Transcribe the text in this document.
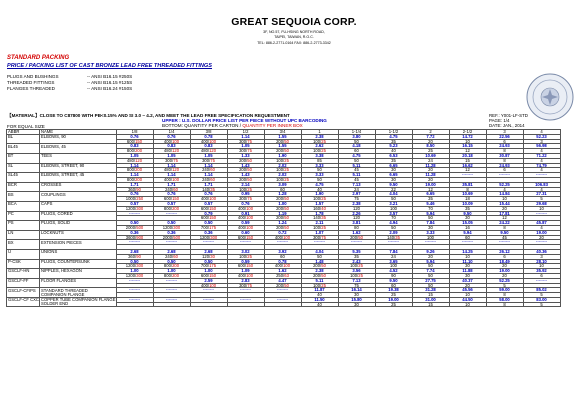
GREAT SEQUOIA CORP.
3F, NO.57, FU-HSING NORTH ROAD,
TAIPEI, TAIWAN, R.O.C.
TEL: 886-2-2771-0164 FAX: 886-2-2773-3342
STANDARD PACKING
PRICE / PACKING LIST OF CAST BRONZE LEAD FREE THREADED FITTINGS
PLUGS AND BUSHINGS	-- ANSI B16.15 #250S
THREADED FITTINGS	-- ANSI B16.15 #125S
FLANGES THREADED	-- ANSI B16.24 #150S
【MATERIAL】CLOSE TO C87800 WITH PB<0.15% AND SI 3.0 ~ 4.2, AND MEET THE LEAD FREE SPECIFICATION REQUESTMENT
UPPER : U.S. DOLLAR PRICE LIST PER PIECE WITHOUT UPC BARCODING
BOTTOM: QUANTITY PER CARTON / QUANTITY PER INNER BOX
FOR EQUAL SIZE
REF.: Y001-LF-STD
PAGE: 1/4
DATE: JAN., 2014
ABBR	NAME	1/8	1/4	3/8	1/2	3/4	1	1-1/4	1-1/2	2	2-1/2	3	4
BL	ELBOWS, 90	0.76	0.76	0.78	1.14	1.55	2.38	3.80	4.75	7.72	14.72	22.56	52.23
		600/150	400/100	400/100	300/75	200/50	100/25	50	35	20	10	6	3
BL45	ELBOWS, 45	0.83	0.83	0.83	1.05	1.55	2.62	4.18	5.23	8.50	16.15	24.93	56.98
		800/200	480/120	480/120	300/75	200/50	100/25	60	40	25	12	8	4
BT	TEES	1.05	1.05	1.05	1.33	1.90	3.38	4.75	6.53	10.69	20.18	30.87	71.22
		480/120	300/75	300/75	200/50	100/25	85	50	35	24	15	8	4
SL	ELBOWS, STREET, 90	1.14	1.14	1.14	1.43	2.02	3.33	5.11	6.65	11.28	16.62	24.93	74.79
		800/200	480/120	240/60	200/50	100/25	50	45	30	20	12	6	4
SL45	ELBOWS, STREET, 45	1.14	1.14	1.14	1.43	2.02	3.33	5.11	6.65	11.28	--------	--------	--------
		800/200	400/100	240/60	200/50	100/25	50	45	30	20			
BCR	CROSSES	1.71	1.71	1.71	2.14	3.09	4.75	7.13	9.50	19.00	35.81	52.25	106.83
		360/90	240/60	140/35	100/25	60	40	24	22	12	8	4	4
BS	COUPLINGS	0.76	0.76	0.76	0.95	1.28	1.90	2.97	4.04	6.65	10.69	14.84	27.31
		1000/250	600/150	400/100	300/75	200/50	100/25	75	50	35	18	10	5
BCA	CAPS	0.57	0.57	0.57	0.76	1.00	1.57	2.38	3.21	5.46	10.09	15.44	29.68
		1200/300	800/200	600/150	400/100	200/50	160/40	120	100	70	35	20	10
PC	PLUGS, CORED	--------	--------	0.79	0.91	1.19	1.78	2.26	3.57	5.94	9.50	17.81	--------
				600/150	400/100	200/50	140/35	120	70	50	30	12	
PS	PLUGS, SOLID	0.50	0.50	0.50	0.59	1.24	2.11	3.81	4.94	7.84	15.05	24.22	45.87
		2000/500	1200/300	700/175	400/100	200/50	100/25	80	50	30	16	8	4
LN	LOCKNUTS	0.36	0.36	0.36	0.60	0.72	1.07	1.62	2.09	3.33	5.94	9.50	19.00
		3600/900	2000/500	1200/300	600/150	400/100	300/75	200/50	140/35	100	60	45	20
BX	EXTENSION PIECES	--------	--------	--------	--------	--------	--------	--------	--------	--------	--------	--------	--------

U	UNIONS	2.68	2.68	2.68	3.02	3.92	4.04	5.35	7.84	9.26	14.25	26.12	40.36
		360/90	240/60	120/30	100/25	60	50	35	24	20	10	6	3
P-CSK	PLUGS, COUNTERSUNK	0.50	0.50	0.50	0.59	0.78	1.48	2.43	3.65	5.94	11.10	18.49	28.10
		1200/300	800/200	700/175	600/150	400/100	200/50	100/25	100	50	30	20	10
GSCLF-HN	NIPPLES, HEXAGON	1.00	1.00	1.00	1.09	1.62	2.38	3.56	4.52	7.74	11.88	19.00	35.92
		1200/300	800/200	600/150	400/100	250/63	200/50	100/25	90	50	30	20	6
GSCLF-FF	FLOOR FLANGES	--------	--------	2.59	2.83	4.47	5.11	7.13	9.50	27.75	40.37	52.25	--------
				400/100	300/75	200/50	100/25	75	60	50	20	5	
GSCLF-CFIPS	STANDARD THREADED	--------	--------	--------	--------	--------	11.87	16.14	19.38	31.28	45.56	59.00	85.02
	COMPANION FLANGE						40	30	25	15	10	8	5
GSCLF-CF CXC	COPPER TUBE COMPANION FLANGE	--------	--------	--------	--------	--------	11.50	15.80	19.00	31.00	44.50	58.00	83.00
	SOLDER END						40	30	25	15	10	8	5
